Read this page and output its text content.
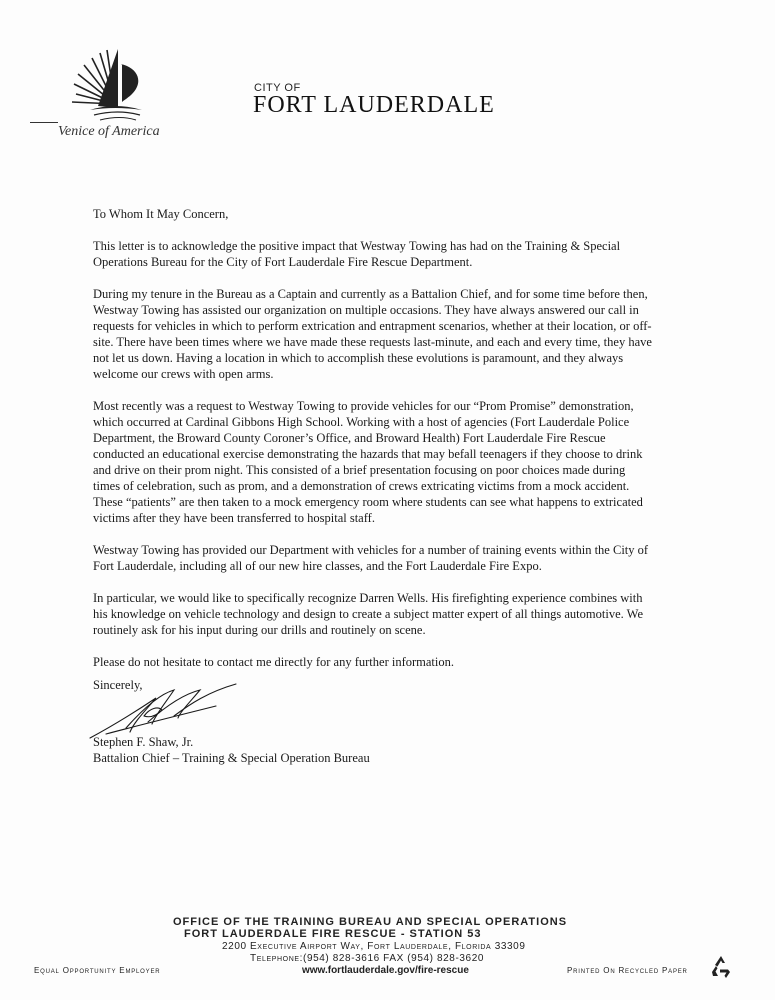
Venice of America
CITY OF
FORT LAUDERDALE

To Whom It May Concern,

This letter is to acknowledge the positive impact that Westway Towing has had on the Training & Special Operations Bureau for the City of Fort Lauderdale Fire Rescue Department.

During my tenure in the Bureau as a Captain and currently as a Battalion Chief, and for some time before then, Westway Towing has assisted our organization on multiple occasions. They have always answered our call in requests for vehicles in which to perform extrication and entrapment scenarios, whether at their location, or off-site. There have been times where we have made these requests last-minute, and each and every time, they have not let us down. Having a location in which to accomplish these evolutions is paramount, and they always welcome our crews with open arms.

Most recently was a request to Westway Towing to provide vehicles for our “Prom Promise” demonstration, which occurred at Cardinal Gibbons High School. Working with a host of agencies (Fort Lauderdale Police Department, the Broward County Coroner’s Office, and Broward Health) Fort Lauderdale Fire Rescue conducted an educational exercise demonstrating the hazards that may befall teenagers if they choose to drink and drive on their prom night. This consisted of a brief presentation focusing on poor choices made during times of celebration, such as prom, and a demonstration of crews extricating victims from a mock accident. These “patients” are then taken to a mock emergency room where students can see what happens to extricated victims after they have been transferred to hospital staff.

Westway Towing has provided our Department with vehicles for a number of training events within the City of Fort Lauderdale, including all of our new hire classes, and the Fort Lauderdale Fire Expo.

In particular, we would like to specifically recognize Darren Wells. His firefighting experience combines with his knowledge on vehicle technology and design to create a subject matter expert of all things automotive. We routinely ask for his input during our drills and routinely on scene.

Please do not hesitate to contact me directly for any further information.

Sincerely,
Stephen F. Shaw, Jr.
Battalion Chief – Training & Special Operation Bureau
OFFICE OF THE TRAINING BUREAU AND SPECIAL OPERATIONS
FORT LAUDERDALE FIRE RESCUE - STATION 53
2200 Executive Airport Way, Fort Lauderdale, Florida 33309
Telephone:(954) 828-3616 FAX (954) 828-3620
www.fortlauderdale.gov/fire-rescue
Equal Opportunity Employer	Printed On Recycled Paper
